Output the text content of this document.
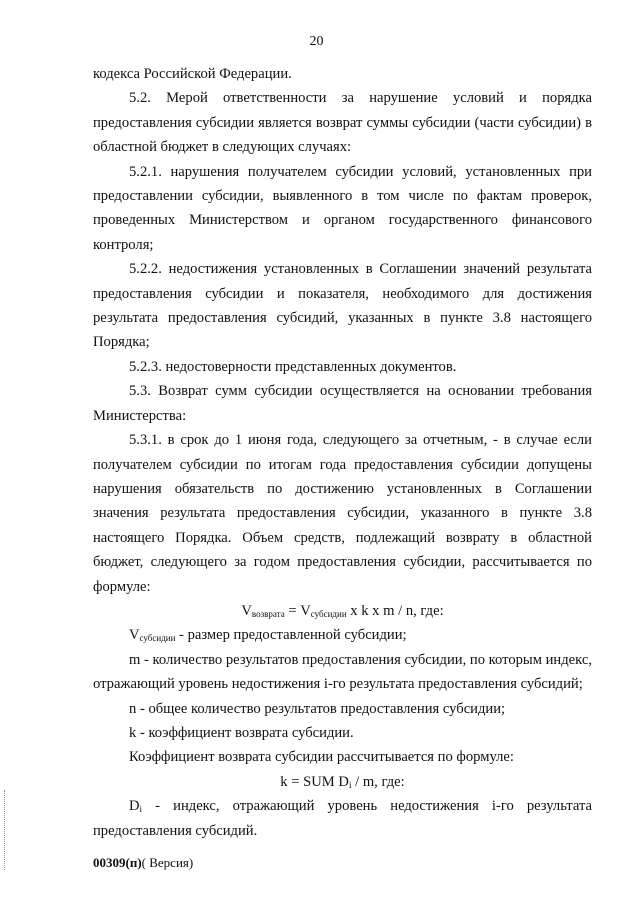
20

кодекса Российской Федерации.

5.2. Мерой ответственности за нарушение условий и порядка предоставления субсидии является возврат суммы субсидии (части субсидии) в областной бюджет в следующих случаях:

5.2.1. нарушения получателем субсидии условий, установленных при предоставлении субсидии, выявленного в том числе по фактам проверок, проведенных Министерством и органом государственного финансового контроля;

5.2.2. недостижения установленных в Соглашении значений результата предоставления субсидии и показателя, необходимого для достижения результата предоставления субсидий, указанных в пункте 3.8 настоящего Порядка;

5.2.3. недостоверности представленных документов.

5.3. Возврат сумм субсидии осуществляется на основании требования Министерства:

5.3.1. в срок до 1 июня года, следующего за отчетным, - в случае если получателем субсидии по итогам года предоставления субсидии допущены нарушения обязательств по достижению установленных в Соглашении значения результата предоставления субсидии, указанного в пункте 3.8 настоящего Порядка. Объем средств, подлежащий возврату в областной бюджет, следующего за годом предоставления субсидии, рассчитывается по формуле:

$V_{возврата} = V_{субсидии}$ x k x m / n, где:

$V_{субсидии}$ - размер предоставленной субсидии;

m - количество результатов предоставления субсидии, по которым индекс, отражающий уровень недостижения i-го результата предоставления субсидий;

n - общее количество результатов предоставления субсидии;

k - коэффициент возврата субсидии.

Коэффициент возврата субсидии рассчитывается по формуле:

k = SUM $D_i$ / m, где:

$D_i$ - индекс, отражающий уровень недостижения i-го результата предоставления субсидий.

00309(п)( Версия)
